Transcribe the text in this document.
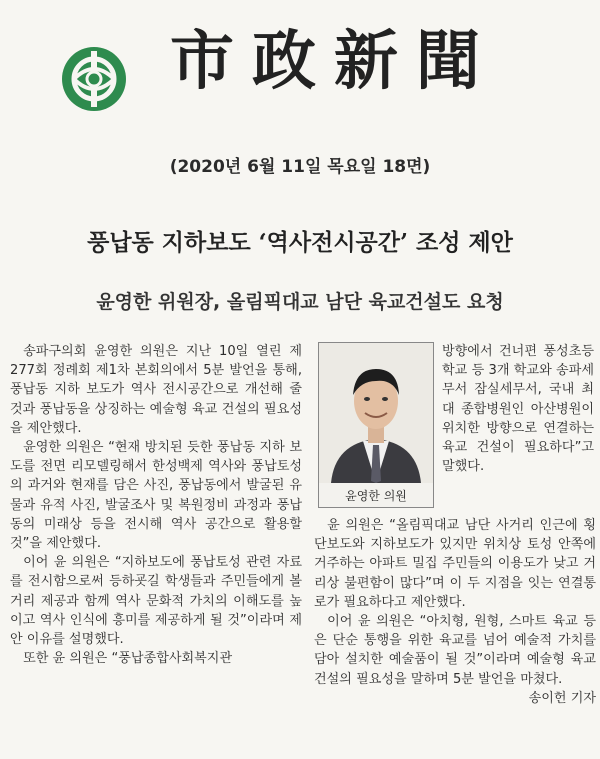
市政新聞
(2020년 6월 11일 목요일 18면)
풍납동 지하보도 ‘역사전시공간’ 조성 제안
윤영한 위원장, 올림픽대교 남단 육교건설도 요청

송파구의회 윤영한 의원은 지난 10일 열린 제277회 정례회 제1차 본회의에서 5분 발언을 통해, 풍납동 지하 보도가 역사 전시공간으로 개선해 줄 것과 풍납동을 상징하는 예술형 육교 건설의 필요성을 제안했다.

윤영한 의원은 “현재 방치된 듯한 풍납동 지하 보도를 전면 리모델링해서 한성백제 역사와 풍납토성의 과거와 현재를 담은 사진, 풍납동에서 발굴된 유물과 유적 사진, 발굴조사 및 복원정비 과정과 풍납동의 미래상 등을 전시해 역사 공간으로 활용할 것”을 제안했다.

이어 윤 의원은 “지하보도에 풍납토성 관련 자료를 전시함으로써 등하굣길 학생들과 주민들에게 볼거리 제공과 함께 역사 문화적 가치의 이해도를 높이고 역사 인식에 흥미를 제공하게 될 것”이라며 제안 이유를 설명했다.

또한 윤 의원은 “풍납종합사회복지관

윤영한 의원

방향에서 건너편 풍성초등학교 등 3개 학교와 송파세무서 잠실세무서, 국내 최대 종합병원인 아산병원이 위치한 방향으로 연결하는 육교 건설이 필요하다”고 말했다.

윤 의원은 “올림픽대교 남단 사거리 인근에 횡단보도와 지하보도가 있지만 위치상 토성 안쪽에 거주하는 아파트 밀집 주민들의 이용도가 낮고 거리상 불편함이 많다”며 이 두 지점을 잇는 연결통로가 필요하다고 제안했다.

이어 윤 의원은 “아치형, 원형, 스마트 육교 등은 단순 통행을 위한 육교를 넘어 예술적 가치를 담아 설치한 예술품이 될 것”이라며 예술형 육교 건설의 필요성을 말하며 5분 발언을 마쳤다.

송이헌 기자
